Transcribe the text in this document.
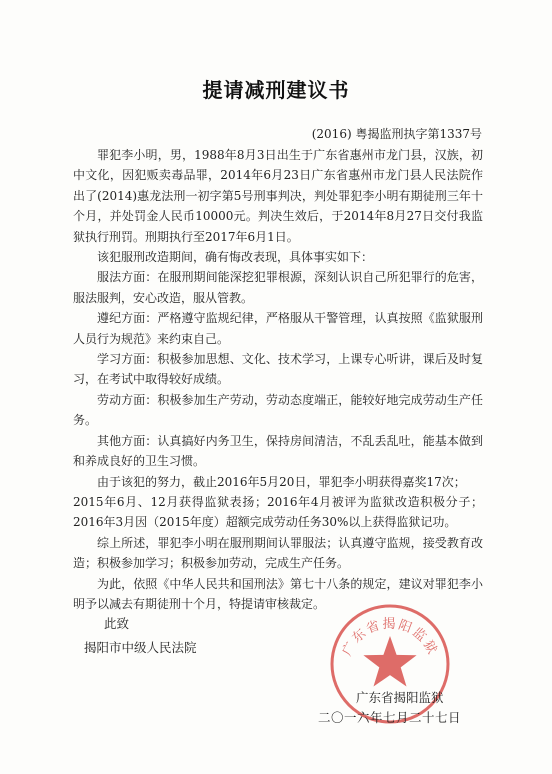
提请减刑建议书
(2016) 粤揭监刑执字第1337号

罪犯李小明，男，1988年8月3日出生于广东省惠州市龙门县，汉族，初中文化，因犯贩卖毒品罪，2014年6月23日广东省惠州市龙门县人民法院作出了(2014)惠龙法刑一初字第5号刑事判决，判处罪犯李小明有期徒刑三年十个月，并处罚金人民币10000元。判决生效后，于2014年8月27日交付我监狱执行刑罚。刑期执行至2017年6月1日。

该犯服刑改造期间，确有悔改表现，具体事实如下：

服法方面：在服刑期间能深挖犯罪根源，深刻认识自己所犯罪行的危害，服法服判，安心改造，服从管教。

遵纪方面：严格遵守监规纪律，严格服从干警管理，认真按照《监狱服刑人员行为规范》来约束自己。

学习方面：积极参加思想、文化、技术学习，上课专心听讲，课后及时复习，在考试中取得较好成绩。

劳动方面：积极参加生产劳动，劳动态度端正，能较好地完成劳动生产任务。

其他方面：认真搞好内务卫生，保持房间清洁，不乱丢乱吐，能基本做到和养成良好的卫生习惯。

由于该犯的努力，截止2016年5月20日，罪犯李小明获得嘉奖17次；

2015年6月、12月获得监狱表扬；2016年4月被评为监狱改造积极分子；2016年3月因（2015年度）超额完成劳动任务30%以上获得监狱记功。

综上所述，罪犯李小明在服刑期间认罪服法；认真遵守监规，接受教育改造；积极参加学习；积极参加劳动，完成生产任务。

为此，依照《中华人民共和国刑法》第七十八条的规定，建议对罪犯李小明予以减去有期徒刑十个月，特提请审核裁定。

此致
揭阳市中级人民法院	广东省揭阳监狱
广东省揭阳监狱
二〇一六年七月二十七日
